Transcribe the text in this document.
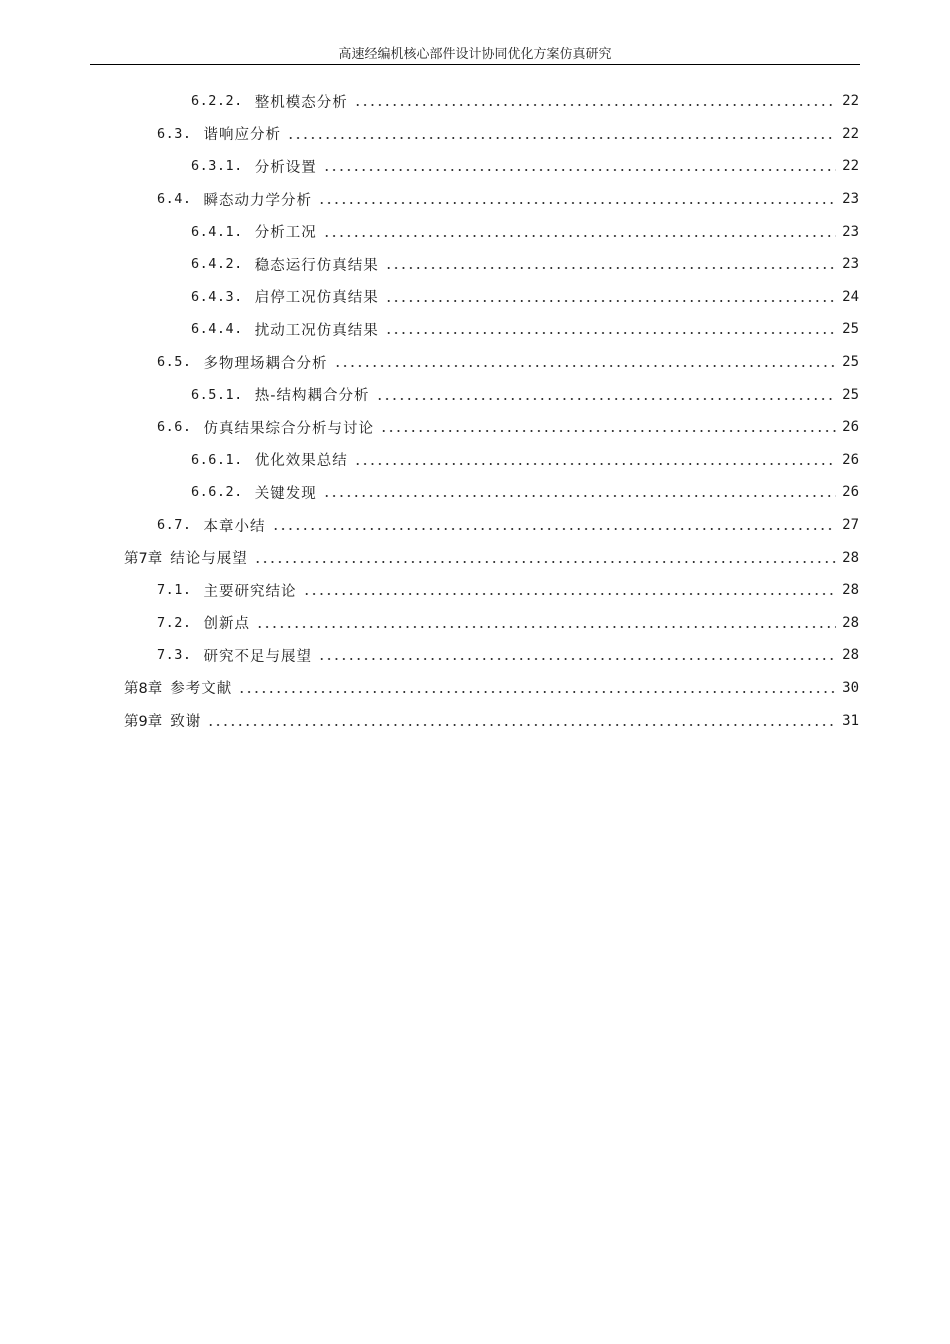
高速经编机核心部件设计协同优化方案仿真研究
6.2.2. 整机模态分析	22
6.3. 谐响应分析	22
6.3.1. 分析设置	22
6.4. 瞬态动力学分析	23
6.4.1. 分析工况	23
6.4.2. 稳态运行仿真结果	23
6.4.3. 启停工况仿真结果	24
6.4.4. 扰动工况仿真结果	25
6.5. 多物理场耦合分析	25
6.5.1. 热-结构耦合分析	25
6.6. 仿真结果综合分析与讨论	26
6.6.1. 优化效果总结	26
6.6.2. 关键发现	26
6.7. 本章小结	27
第7章 结论与展望	28
7.1. 主要研究结论	28
7.2. 创新点	28
7.3. 研究不足与展望	28
第8章 参考文献	30
第9章 致谢	31
